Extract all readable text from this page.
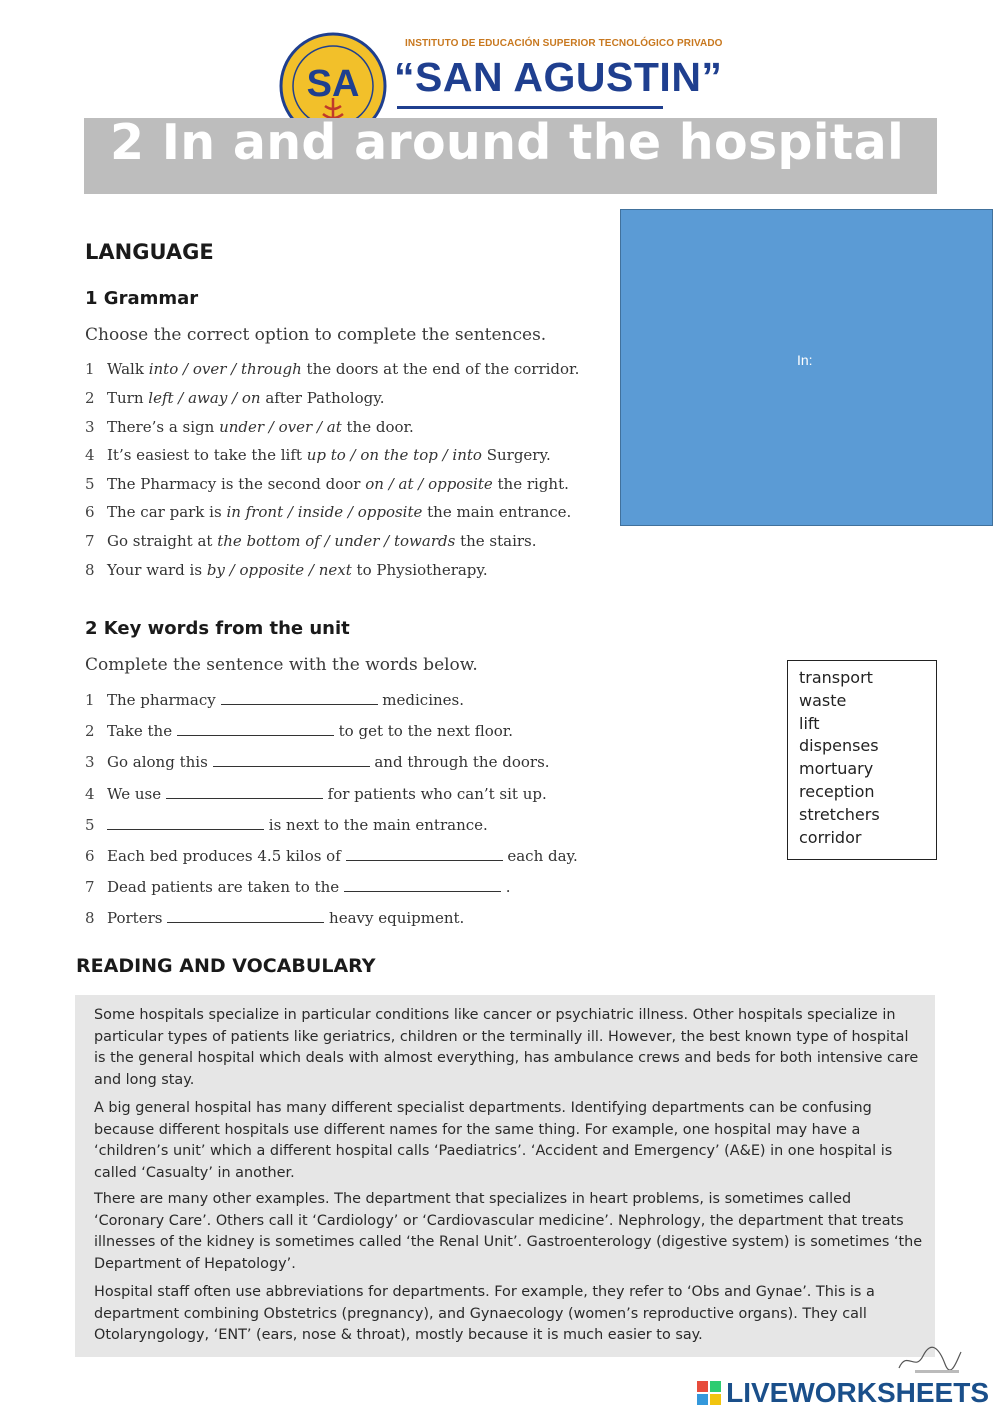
SA
INSTITUTO DE EDUCACIÓN SUPERIOR TECNOLÓGICO PRIVADO
“SAN AGUSTIN”
2 In and around the hospital
In:
LANGUAGE
1 Grammar
Choose the correct option to complete the sentences.
1 Walk into / over / through the doors at the end of the corridor.
2 Turn left / away / on after Pathology.
3 There’s a sign under / over / at the door.
4 It’s easiest to take the lift up to / on the top / into Surgery.
5 The Pharmacy is the second door on / at / opposite the right.
6 The car park is in front / inside / opposite the main entrance.
7 Go straight at the bottom of / under / towards the stairs.
8 Your ward is by / opposite / next to Physiotherapy.
2 Key words from the unit
Complete the sentence with the words below.
1 The pharmacy	medicines.
2 Take the	to get to the next floor.
3 Go along this	and through the doors.
4 We use	for patients who can’t sit up.
5	is next to the main entrance.
6 Each bed produces 4.5 kilos of	each day.
7 Dead patients are taken to the	.
8 Porters	heavy equipment.
transport
waste
lift
dispenses
mortuary
reception
stretchers
corridor
READING AND VOCABULARY
Some hospitals specialize in particular conditions like cancer or psychiatric illness. Other hospitals specialize in particular types of patients like geriatrics, children or the terminally ill. However, the best known type of hospital is the general hospital which deals with almost everything, has ambulance crews and beds for both intensive care and long stay.
A big general hospital has many different specialist departments. Identifying departments can be confusing because different hospitals use different names for the same thing. For example, one hospital may have a ‘children’s unit’ which a different hospital calls ‘Paediatrics’. ‘Accident and Emergency’ (A&E) in one hospital is called ‘Casualty’ in another.
There are many other examples. The department that specializes in heart problems, is sometimes called ‘Coronary Care’. Others call it ‘Cardiology’ or ‘Cardiovascular medicine’. Nephrology, the department that treats illnesses of the kidney is sometimes called ‘the Renal Unit’. Gastroenterology (digestive system) is sometimes ‘the Department of Hepatology’.
Hospital staff often use abbreviations for departments. For example, they refer to ‘Obs and Gynae’. This is a department combining Obstetrics (pregnancy), and Gynaecology (women’s reproductive organs). They call Otolaryngology, ‘ENT’ (ears, nose & throat), mostly because it is much easier to say.
LIVEWORKSHEETS
